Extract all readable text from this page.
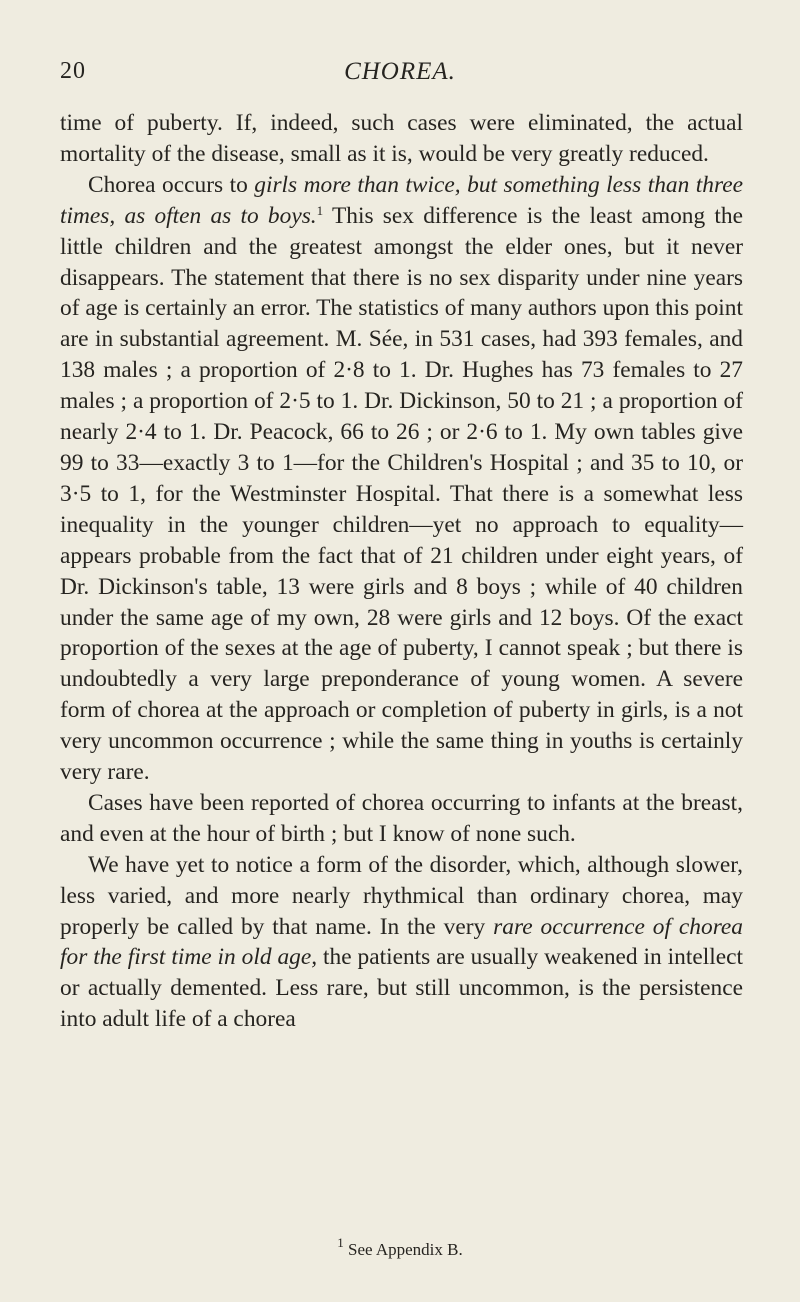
20	CHOREA.

time of puberty. If, indeed, such cases were eliminated, the actual mortality of the disease, small as it is, would be very greatly reduced.

Chorea occurs to girls more than twice, but something less than three times, as often as to boys.$^1$ This sex difference is the least among the little children and the greatest amongst the elder ones, but it never disappears. The statement that there is no sex disparity under nine years of age is certainly an error. The statistics of many authors upon this point are in substantial agreement. M. Sée, in 531 cases, had 393 females, and 138 males ; a proportion of 2·8 to 1. Dr. Hughes has 73 females to 27 males ; a proportion of 2·5 to 1. Dr. Dickinson, 50 to 21 ; a proportion of nearly 2·4 to 1. Dr. Peacock, 66 to 26 ; or 2·6 to 1. My own tables give 99 to 33—exactly 3 to 1—for the Children's Hospital ; and 35 to 10, or 3·5 to 1, for the Westminster Hospital. That there is a somewhat less inequality in the younger children—yet no approach to equality—appears probable from the fact that of 21 children under eight years, of Dr. Dickinson's table, 13 were girls and 8 boys ; while of 40 children under the same age of my own, 28 were girls and 12 boys. Of the exact proportion of the sexes at the age of puberty, I cannot speak ; but there is undoubtedly a very large preponderance of young women. A severe form of chorea at the approach or completion of puberty in girls, is a not very uncommon occurrence ; while the same thing in youths is certainly very rare.

Cases have been reported of chorea occurring to infants at the breast, and even at the hour of birth ; but I know of none such.

We have yet to notice a form of the disorder, which, although slower, less varied, and more nearly rhythmical than ordinary chorea, may properly be called by that name. In the very rare occurrence of chorea for the first time in old age, the patients are usually weakened in intellect or actually demented. Less rare, but still uncommon, is the persistence into adult life of a chorea

$^1$ See Appendix B.
